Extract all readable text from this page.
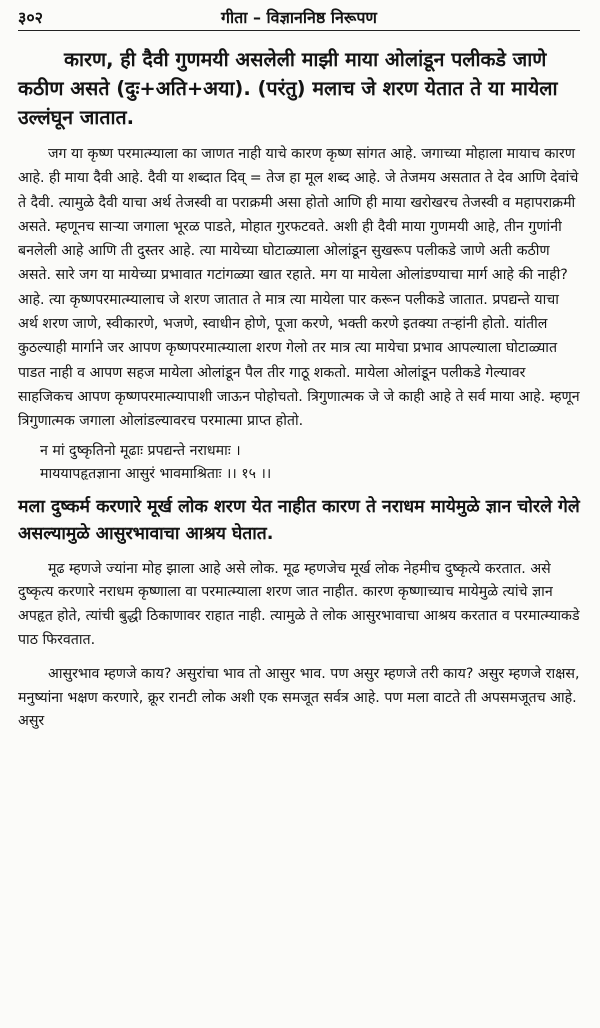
३०२	गीता – विज्ञाननिष्ठ निरूपण

कारण, ही दैवी गुणमयी असलेली माझी माया ओलांडून पलीकडे जाणे कठीण असते (दुः+अति+अया). (परंतु) मलाच जे शरण येतात ते या मायेला उल्लंघून जातात.

जग या कृष्ण परमात्म्याला का जाणत नाही याचे कारण कृष्ण सांगत आहे. जगाच्या मोहाला मायाच कारण आहे. ही माया दैवी आहे. दैवी या शब्दात दिव् = तेज हा मूल शब्द आहे. जे तेजमय असतात ते देव आणि देवांचे ते दैवी. त्यामुळे दैवी याचा अर्थ तेजस्वी वा पराक्रमी असा होतो आणि ही माया खरोखरच तेजस्वी व महापराक्रमी असते. म्हणूनच साऱ्या जगाला भूरळ पाडते, मोहात गुरफटवते. अशी ही दैवी माया गुणमयी आहे, तीन गुणांनी बनलेली आहे आणि ती दुस्तर आहे. त्या मायेच्या घोटाळ्याला ओलांडून सुखरूप पलीकडे जाणे अती कठीण असते. सारे जग या मायेच्या प्रभावात गटांगळ्या खात रहाते. मग या मायेला ओलांडण्याचा मार्ग आहे की नाही? आहे. त्या कृष्णपरमात्म्यालाच जे शरण जातात ते मात्र त्या मायेला पार करून पलीकडे जातात. प्रपद्यन्ते याचा अर्थ शरण जाणे, स्वीकारणे, भजणे, स्वाधीन होणे, पूजा करणे, भक्ती करणे इतक्या तऱ्हांनी होतो. यांतील कुठल्याही मार्गाने जर आपण कृष्णपरमात्म्याला शरण गेलो तर मात्र त्या मायेचा प्रभाव आपल्याला घोटाळ्यात पाडत नाही व आपण सहज मायेला ओलांडून पैल तीर गाठू शकतो. मायेला ओलांडून पलीकडे गेल्यावर साहजिकच आपण कृष्णपरमात्म्यापाशी जाऊन पोहोचतो. त्रिगुणात्मक जे जे काही आहे ते सर्व माया आहे. म्हणून त्रिगुणात्मक जगाला ओलांडल्यावरच परमात्मा प्राप्त होतो.

न मां दुष्कृतिनो मूढाः प्रपद्यन्ते नराधमाः ।
माययापहृतज्ञाना आसुरं भावमाश्रिताः ।। १५ ।।

मला दुष्कर्म करणारे मूर्ख लोक शरण येत नाहीत कारण ते नराधम मायेमुळे ज्ञान चोरले गेले असल्यामुळे आसुरभावाचा आश्रय घेतात.

मूढ म्हणजे ज्यांना मोह झाला आहे असे लोक. मूढ म्हणजेच मूर्ख लोक नेहमीच दुष्कृत्ये करतात. असे दुष्कृत्य करणारे नराधम कृष्णाला वा परमात्म्याला शरण जात नाहीत. कारण कृष्णाच्याच मायेमुळे त्यांचे ज्ञान अपहृत होते, त्यांची बुद्धी ठिकाणावर राहात नाही. त्यामुळे ते लोक आसुरभावाचा आश्रय करतात व परमात्म्याकडे पाठ फिरवतात.

आसुरभाव म्हणजे काय? असुरांचा भाव तो आसुर भाव. पण असुर म्हणजे तरी काय? असुर म्हणजे राक्षस, मनुष्यांना भक्षण करणारे, क्रूर रानटी लोक अशी एक समजूत सर्वत्र आहे. पण मला वाटते ती अपसमजूतच आहे. असुर
